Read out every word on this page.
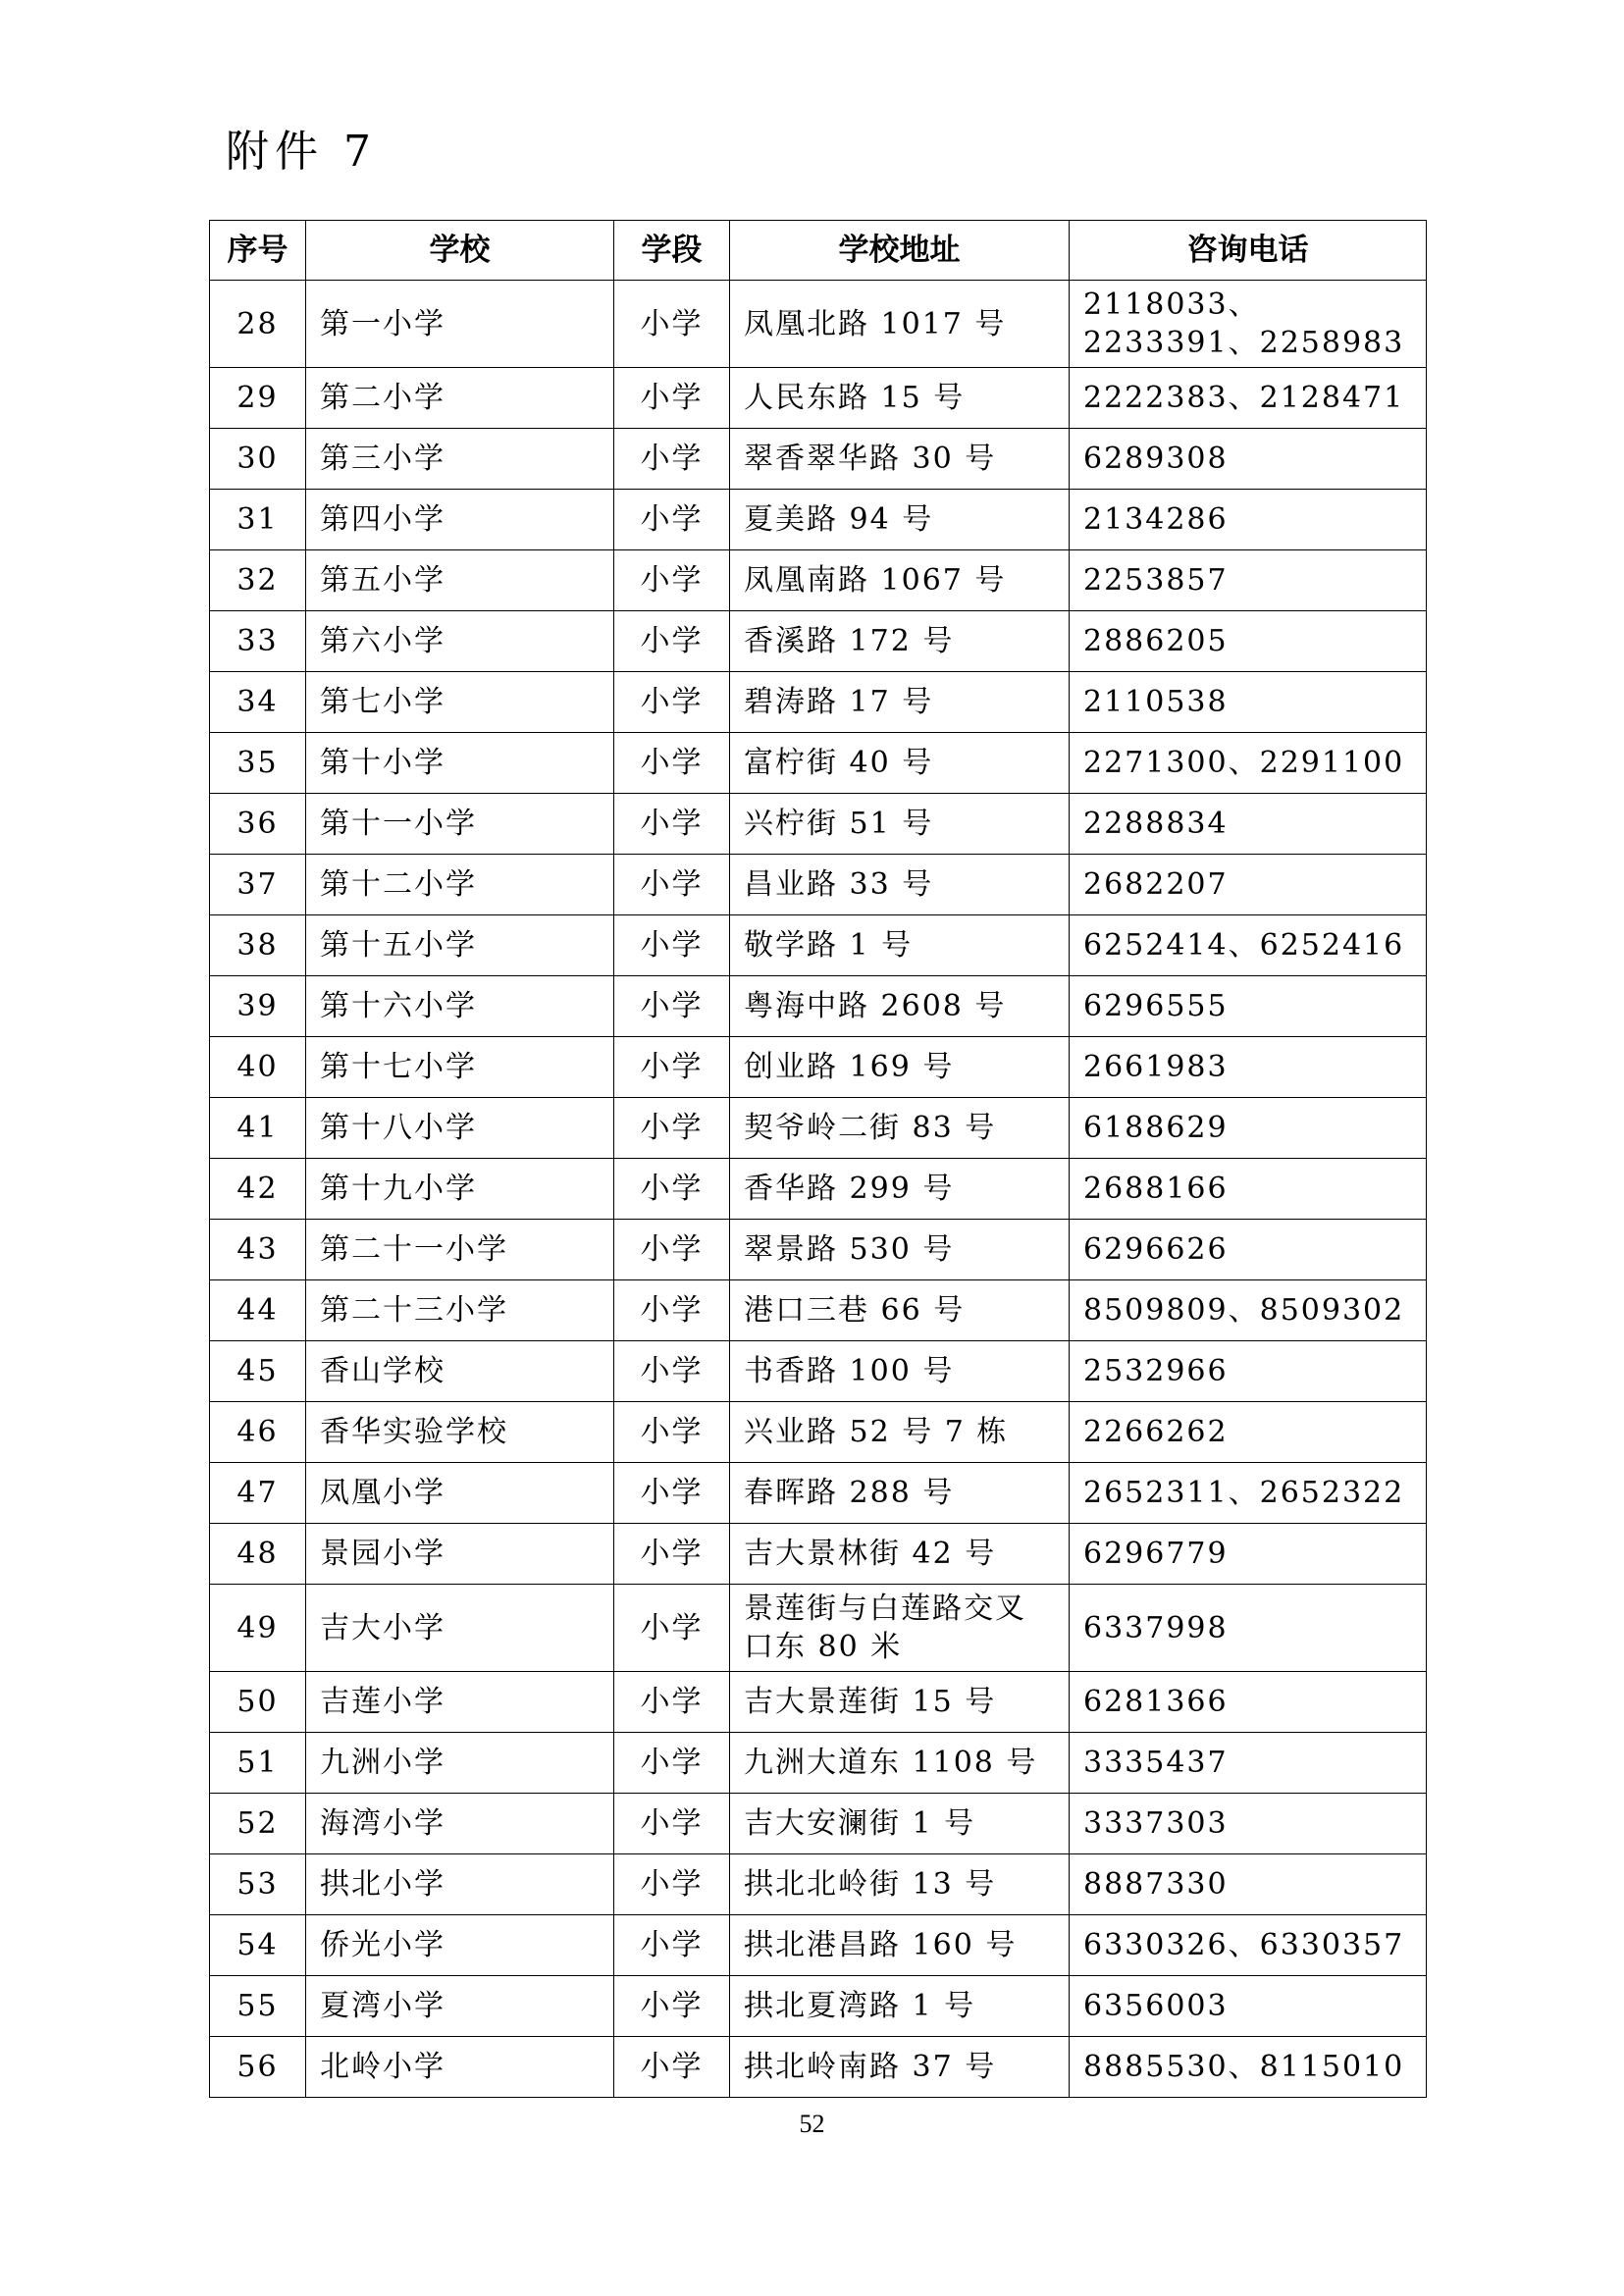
附件 7
序号	学校	学段	学校地址	咨询电话
28	第一小学	小学	凤凰北路 1017 号	2118033、2233391、2258983
29	第二小学	小学	人民东路 15 号	2222383、2128471
30	第三小学	小学	翠香翠华路 30 号	6289308
31	第四小学	小学	夏美路 94 号	2134286
32	第五小学	小学	凤凰南路 1067 号	2253857
33	第六小学	小学	香溪路 172 号	2886205
34	第七小学	小学	碧涛路 17 号	2110538
35	第十小学	小学	富柠街 40 号	2271300、2291100
36	第十一小学	小学	兴柠街 51 号	2288834
37	第十二小学	小学	昌业路 33 号	2682207
38	第十五小学	小学	敬学路 1 号	6252414、6252416
39	第十六小学	小学	粤海中路 2608 号	6296555
40	第十七小学	小学	创业路 169 号	2661983
41	第十八小学	小学	契爷岭二街 83 号	6188629
42	第十九小学	小学	香华路 299 号	2688166
43	第二十一小学	小学	翠景路 530 号	6296626
44	第二十三小学	小学	港口三巷 66 号	8509809、8509302
45	香山学校	小学	书香路 100 号	2532966
46	香华实验学校	小学	兴业路 52 号 7 栋	2266262
47	凤凰小学	小学	春晖路 288 号	2652311、2652322
48	景园小学	小学	吉大景林街 42 号	6296779
49	吉大小学	小学	景莲街与白莲路交叉口东 80 米	6337998
50	吉莲小学	小学	吉大景莲街 15 号	6281366
51	九洲小学	小学	九洲大道东 1108 号	3335437
52	海湾小学	小学	吉大安澜街 1 号	3337303
53	拱北小学	小学	拱北北岭街 13 号	8887330
54	侨光小学	小学	拱北港昌路 160 号	6330326、6330357
55	夏湾小学	小学	拱北夏湾路 1 号	6356003
56	北岭小学	小学	拱北岭南路 37 号	8885530、8115010
52
